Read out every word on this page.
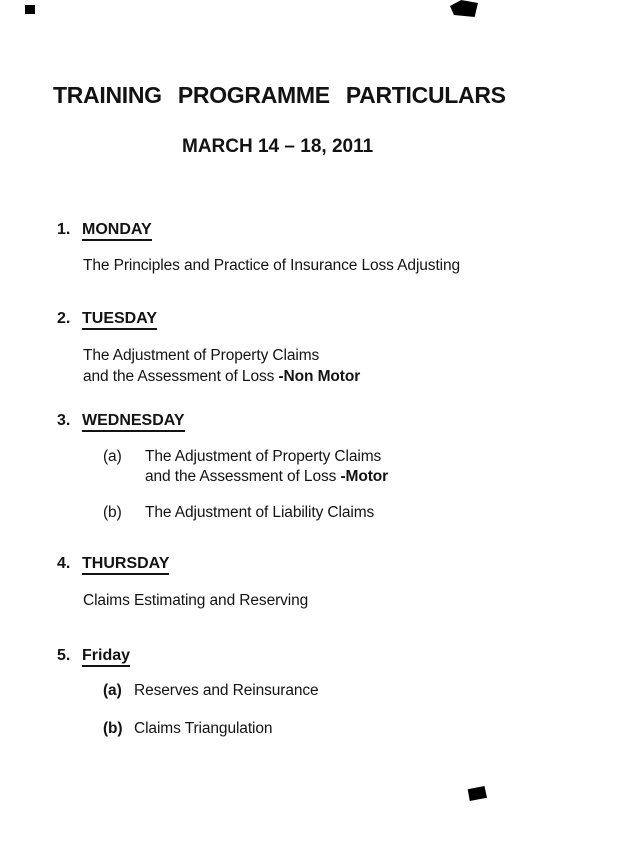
TRAINING PROGRAMME PARTICULARS
MARCH 14 – 18, 2011
1. MONDAY
The Principles and Practice of Insurance Loss Adjusting
2. TUESDAY
The Adjustment of Property Claims
and the Assessment of Loss -Non Motor
3. WEDNESDAY
(a)	The Adjustment of Property Claims
and the Assessment of Loss -Motor
(b)	The Adjustment of Liability Claims
4. THURSDAY
Claims Estimating and Reserving
5. Friday
(a) Reserves and Reinsurance
(b) Claims Triangulation
